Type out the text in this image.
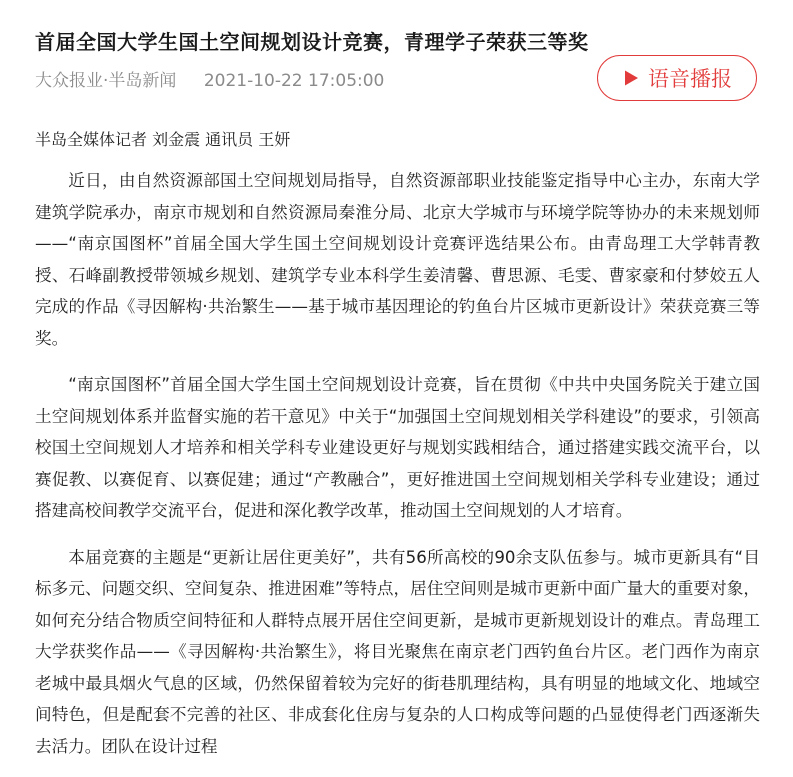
首届全国大学生国土空间规划设计竞赛，青理学子荣获三等奖
大众报业·半岛新闻 2021-10-22 17:05:00	语音播报
半岛全媒体记者 刘金震 通讯员 王妍

近日，由自然资源部国土空间规划局指导，自然资源部职业技能鉴定指导中心主办，东南大学建筑学院承办，南京市规划和自然资源局秦淮分局、北京大学城市与环境学院等协办的未来规划师——“南京国图杯”首届全国大学生国土空间规划设计竞赛评选结果公布。由青岛理工大学韩青教授、石峰副教授带领城乡规划、建筑学专业本科学生姜清馨、曹思源、毛雯、曹家豪和付梦姣五人完成的作品《寻因解构·共治繁生——基于城市基因理论的钓鱼台片区城市更新设计》荣获竞赛三等奖。

“南京国图杯”首届全国大学生国土空间规划设计竞赛，旨在贯彻《中共中央国务院关于建立国土空间规划体系并监督实施的若干意见》中关于“加强国土空间规划相关学科建设”的要求，引领高校国土空间规划人才培养和相关学科专业建设更好与规划实践相结合，通过搭建实践交流平台，以赛促教、以赛促育、以赛促建；通过“产教融合”，更好推进国土空间规划相关学科专业建设；通过搭建高校间教学交流平台，促进和深化教学改革，推动国土空间规划的人才培育。

本届竞赛的主题是“更新让居住更美好”，共有56所高校的90余支队伍参与。城市更新具有“目标多元、问题交织、空间复杂、推进困难”等特点，居住空间则是城市更新中面广量大的重要对象，如何充分结合物质空间特征和人群特点展开居住空间更新，是城市更新规划设计的难点。青岛理工大学获奖作品——《寻因解构·共治繁生》，将目光聚焦在南京老门西钓鱼台片区。老门西作为南京老城中最具烟火气息的区域，仍然保留着较为完好的街巷肌理结构，具有明显的地域文化、地域空间特色，但是配套不完善的社区、非成套化住房与复杂的人口构成等问题的凸显使得老门西逐渐失去活力。团队在设计过程
